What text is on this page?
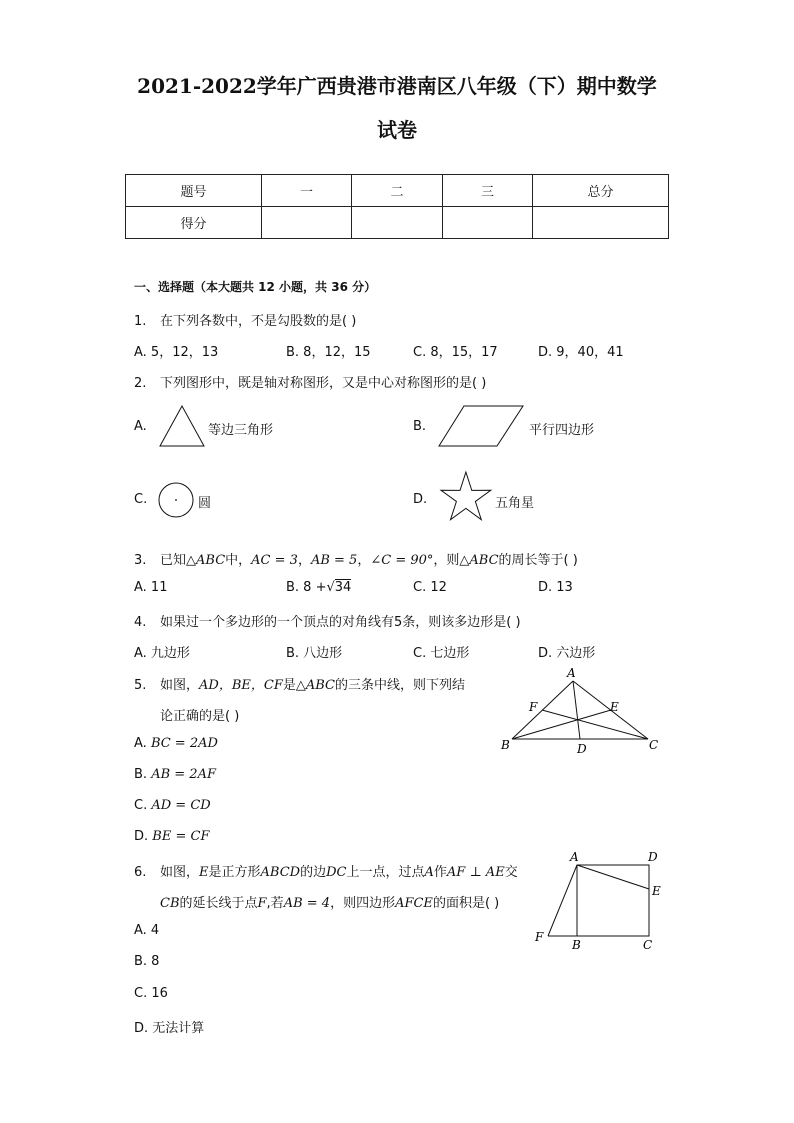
2021-2022学年广西贵港市港南区八年级（下）期中数学
试卷
题号	一	二	三	总分
得分				
一、选择题（本大题共 12 小题，共 36 分）
1. 在下列各数中，不是勾股数的是( )
A. 5，12，13	B. 8，12，15	C. 8，15，17	D. 9，40，41
2. 下列图形中，既是轴对称图形，又是中心对称图形的是( )
A.	等边三角形	B.	平行四边形
C.	圆	D.	五角星
3. 已知△ABC中，AC = 3，AB = 5，∠C = 90°，则△ABC的周长等于( )
A. 11	B. 8 +√34	C. 12	D. 13
4. 如果过一个多边形的一个顶点的对角线有5条，则该多边形是( )
A. 九边形	B. 八边形	C. 七边形	D. 六边形
5. 如图，AD，BE，CF是△ABC的三条中线，则下列结
论正确的是( )
A. BC = 2AD
B. AB = 2AF
C. AD = CD
D. BE = CF
A
B	C
D
E
F
6. 如图，E是正方形ABCD的边DC上一点，过点A作AF ⊥ AE交
CB的延长线于点F,若AB = 4，则四边形AFCE的面积是( )
A. 4
B. 8
C. 16
D. 无法计算
A	D
E
B	C
F
